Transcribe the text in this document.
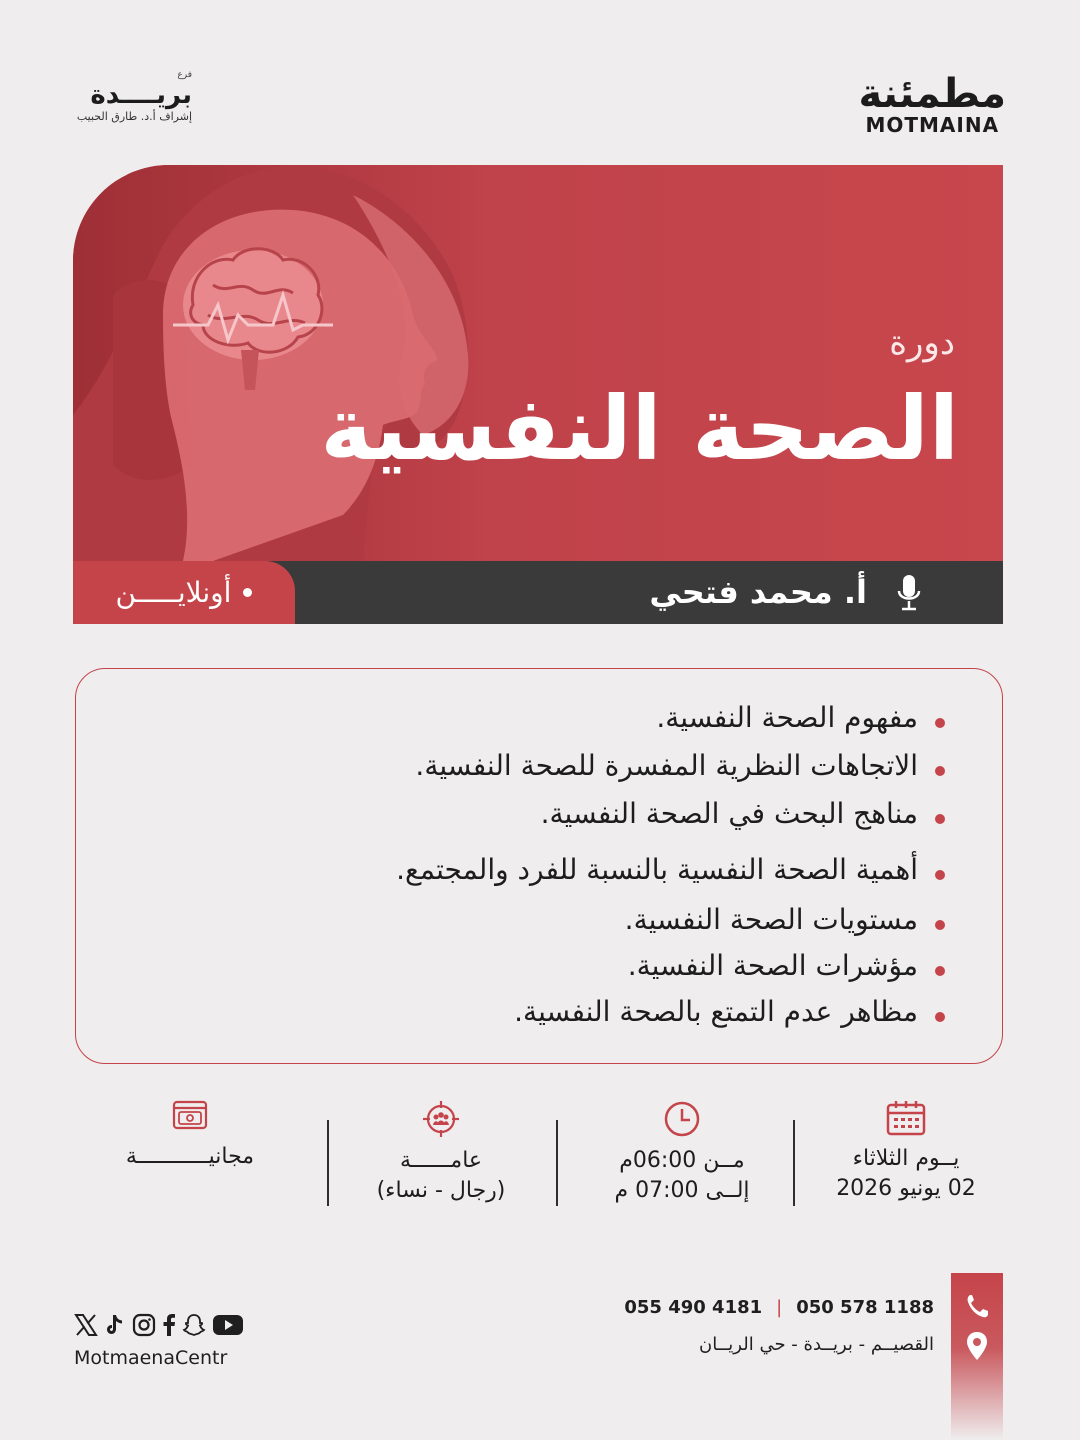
مطمئنة
MOTMAINA
فرع
بريــــدة
إشراف أ.د. طارق الحبيب
دورة
الصحة النفسية
أونلايـــــن	أ. محمد فتحي
مفهوم الصحة النفسية.
الاتجاهات النظرية المفسرة للصحة النفسية.
مناهج البحث في الصحة النفسية.
أهمية الصحة النفسية بالنسبة للفرد والمجتمع.
مستويات الصحة النفسية.
مؤشرات الصحة النفسية.
مظاهر عدم التمتع بالصحة النفسية.
يــوم الثلاثاء
02 يونيو 2026
مــن 06:00م
إلــى 07:00 م
عامــــــة
(رجال - نساء)
مجانيـــــــــــة
055 490 4181 | 050 578 1188
القصيــم - بريــدة - حي الريــان
MotmaenaCentr
